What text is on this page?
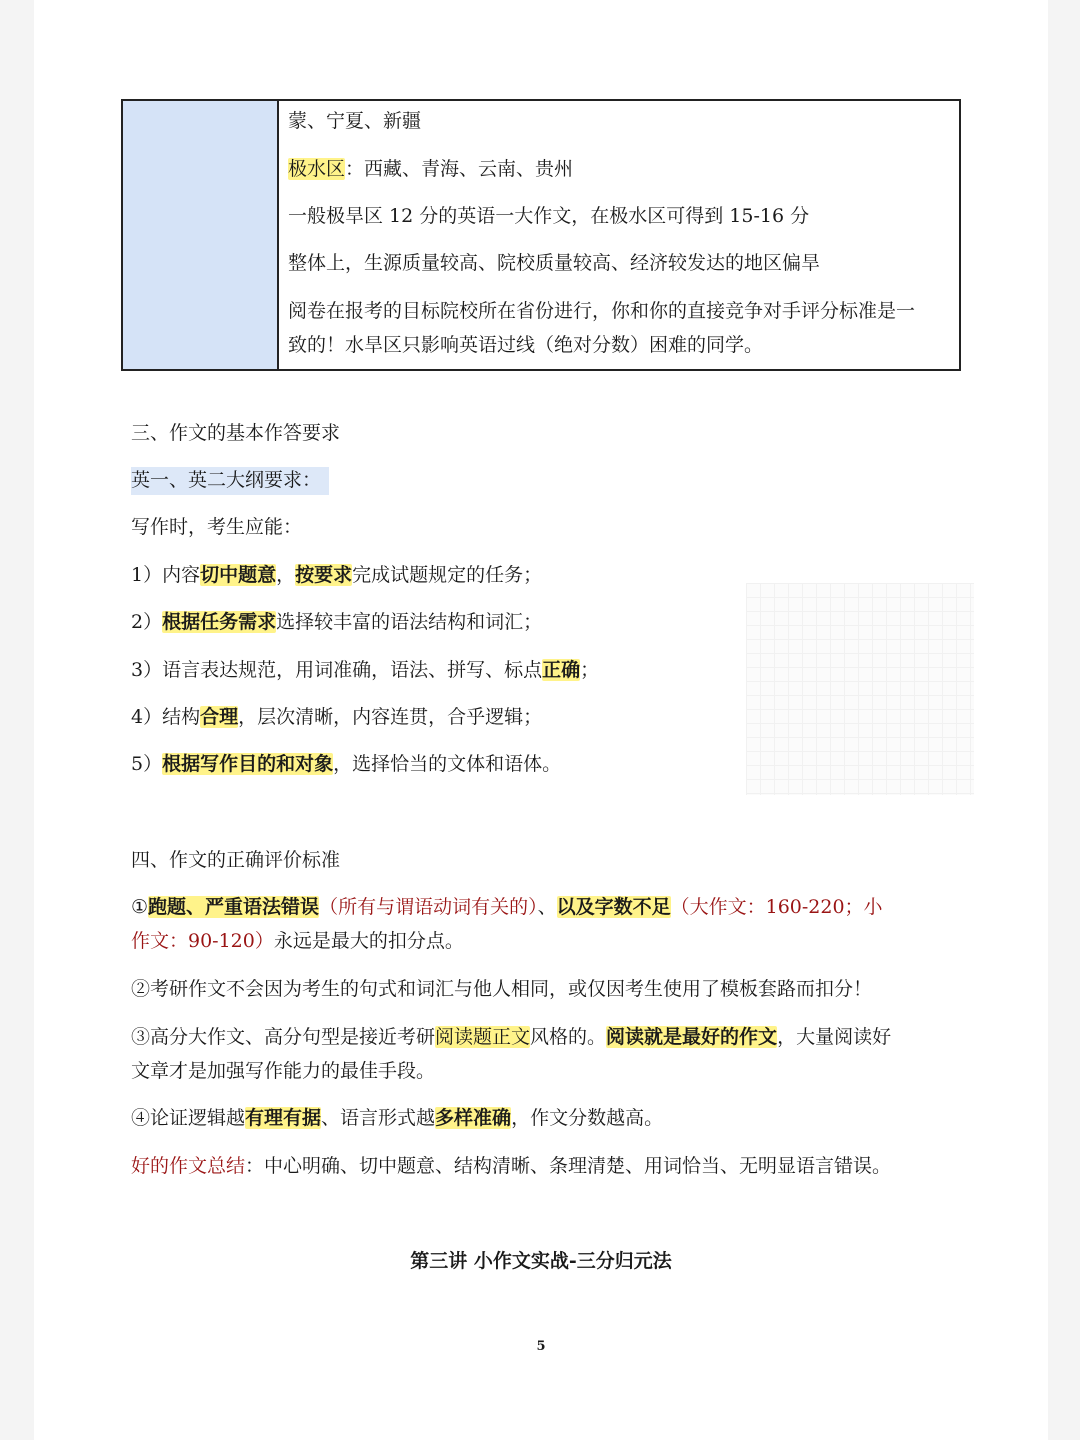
蒙、宁夏、新疆
极水区：西藏、青海、云南、贵州
一般极旱区 12 分的英语一大作文，在极水区可得到 15-16 分
整体上，生源质量较高、院校质量较高、经济较发达的地区偏旱
阅卷在报考的目标院校所在省份进行，你和你的直接竞争对手评分标准是一
致的！水旱区只影响英语过线（绝对分数）困难的同学。
三、作文的基本作答要求
英一、英二大纲要求：
写作时，考生应能：
1）内容切中题意，按要求完成试题规定的任务；
2）根据任务需求选择较丰富的语法结构和词汇；
3）语言表达规范，用词准确，语法、拼写、标点正确；
4）结构合理，层次清晰，内容连贯，合乎逻辑；
5）根据写作目的和对象，选择恰当的文体和语体。
四、作文的正确评价标准
①跑题、严重语法错误（所有与谓语动词有关的）、以及字数不足（大作文：160-220；小
作文：90-120）永远是最大的扣分点。
②考研作文不会因为考生的句式和词汇与他人相同，或仅因考生使用了模板套路而扣分！
③高分大作文、高分句型是接近考研阅读题正文风格的。阅读就是最好的作文，大量阅读好
文章才是加强写作能力的最佳手段。
④论证逻辑越有理有据、语言形式越多样准确，作文分数越高。
好的作文总结：中心明确、切中题意、结构清晰、条理清楚、用词恰当、无明显语言错误。
第三讲 小作文实战-三分归元法
5
